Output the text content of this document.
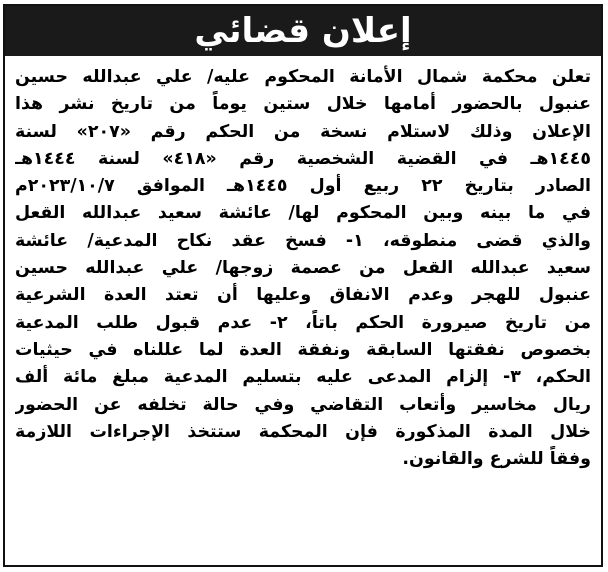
إعلان قضائي
تعلن محكمة شمال الأمانة المحكوم عليه/ علي عبدالله حسين
عنبول بالحضور أمامها خلال ستين يوماً من تاريخ نشر هذا
الإعلان وذلك لاستلام نسخة من الحكم رقم «٢٠٧» لسنة
١٤٤٥هـ في القضية الشخصية رقم «٤١٨» لسنة ١٤٤٤هـ
الصادر بتاريخ ٢٢ ربيع أول ١٤٤٥هـ الموافق ٢٠٢٣/١٠/٧م
في ما بينه وبين المحكوم لها/ عائشة سعيد عبدالله القعل
والذي قضى منطوقه، ١- فسخ عقد نكاح المدعية/ عائشة
سعيد عبدالله القعل من عصمة زوجها/ علي عبدالله حسين
عنبول للهجر وعدم الانفاق وعليها أن تعتد العدة الشرعية
من تاريخ صيرورة الحكم باتاً، ٢- عدم قبول طلب المدعية
بخصوص نفقتها السابقة ونفقة العدة لما عللناه في حيثيات
الحكم، ٣- إلزام المدعى عليه بتسليم المدعية مبلغ مائة ألف
ريال مخاسير وأتعاب التقاضي وفي حالة تخلفه عن الحضور
خلال المدة المذكورة فإن المحكمة ستتخذ الإجراءات اللازمة
وفقاً للشرع والقانون.
